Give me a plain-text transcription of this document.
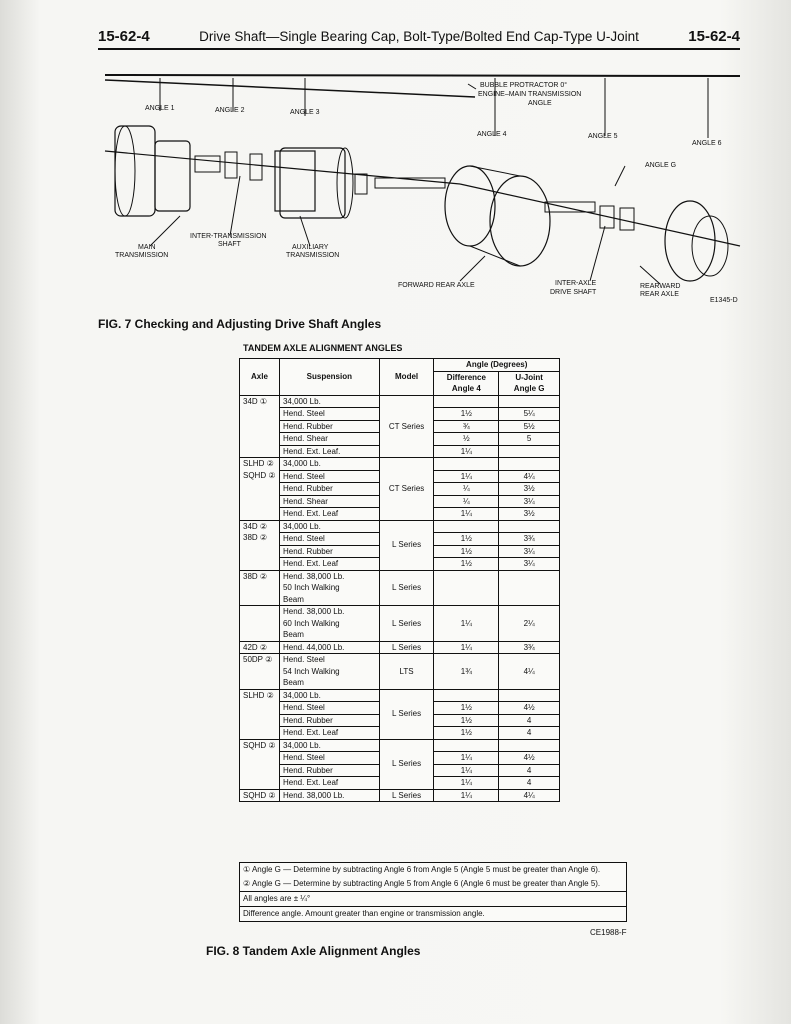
15-62-4	Drive Shaft—Single Bearing Cap, Bolt-Type/Bolted End Cap-Type U-Joint	15-62-4
BUBBLE PROTRACTOR 0°
ENGINE–MAIN TRANSMISSION
ANGLE
ANGLE 1	ANGLE 2	ANGLE 3
ANGLE 4	ANGLE 5
ANGLE 6
ANGLE G
MAIN
TRANSMISSION
INTER-TRANSMISSION
SHAFT	AUXILIARY
TRANSMISSION
FORWARD REAR AXLE	INTER-AXLE
DRIVE SHAFT
REARWARD
REAR AXLE
E1345-D
FIG. 7 Checking and Adjusting Drive Shaft Angles
TANDEM AXLE ALIGNMENT ANGLES
Axle	Suspension	Model	Angle (Degrees)	
			Difference	U-Joint
			Angle 4	Angle G
34D ①	34,000 Lb.	CT Series		
	Hend. Steel		1½	5¼
	Hend. Rubber		¾	5½
	Hend. Shear		½	5
	Hend. Ext. Leaf.		1¼	
SLHD ②
SQHD ②	34,000 Lb.	CT Series		
	Hend. Steel		1¼	4¼
	Hend. Rubber		¼	3½
	Hend. Shear		¼	3¼
	Hend. Ext. Leaf		1¼	3½
34D ②
38D ②	34,000 Lb.	L Series		
	Hend. Steel		1½	3¾
	Hend. Rubber		1½	3¼
	Hend. Ext. Leaf		1½	3¼
38D ②	Hend. 38,000 Lb.
50 Inch Walking
Beam	L Series		
	Hend. 38,000 Lb.
60 Inch Walking
Beam	L Series	1¼	2¼
42D ②	Hend. 44,000 Lb.	L Series	1¼	3¾
50DP ②	Hend. Steel
54 Inch Walking
Beam	LTS	1¾	4¼
SLHD ②	34,000 Lb.	L Series		
	Hend. Steel		1½	4½
	Hend. Rubber		1½	4
	Hend. Ext. Leaf		1½	4
SQHD ②	34,000 Lb.	L Series		
	Hend. Steel		1¼	4½
	Hend. Rubber		1¼	4
	Hend. Ext. Leaf		1¼	4
SQHD ②	Hend. 38,000 Lb.	L Series	1¼	4¼
① Angle G — Determine by subtracting Angle 6 from Angle 5 (Angle 5 must be greater than Angle 6).
② Angle G — Determine by subtracting Angle 5 from Angle 6 (Angle 6 must be greater than Angle 5).
All angles are ± ¼°
Difference angle. Amount greater than engine or transmission angle.
CE1988-F
FIG. 8 Tandem Axle Alignment Angles
